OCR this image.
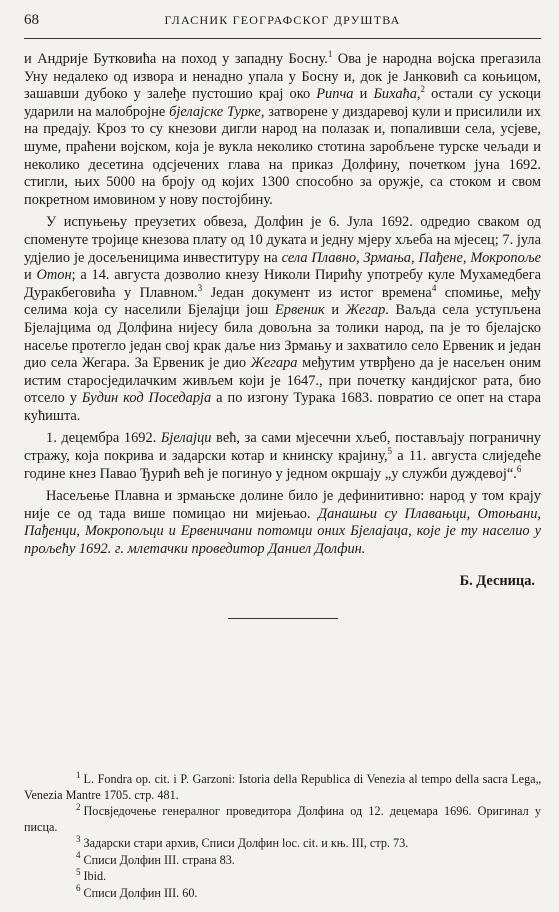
68	ГЛАСНИК ГЕОГРАФСКОГ ДРУШТВА

и Андрије Бутковића на поход у западну Босну.$^1$ Ова је народна војска прегазила Уну недалеко од извора и ненадно упала у Босну и, док је Јанковић са коњицом, зашавши дубоко у залеђе пустошио крај око Рипча и Бихаћа,$^2$ остали су ускоци ударили на малобројне бјелајске Турке, затворене у диздаревој кули и присилили их на предају. Кроз то су кнезови дигли народ на полазак и, попаливши села, усјеве, шуме, праћени војском, која је вукла неколико стотина заробљене турске чељади и неколико десетина одсјечених глава на приказ Долфину, почетком јуна 1692. стигли, њих 5000 на броју од којих 1300 способно за оружје, са стоком и свом покретном имовином у нову постојбину.

У испуњењу преузетих обвеза, Долфин је 6. Јула 1692. одредио сваком од споменуте тројице кнезова плату од 10 дуката и једну мјеру хљеба на мјесец; 7. јула удјелио је досељеницима инвеституру на села Плавно, Зрмања, Пађене, Мокропоље и Отон; а 14. августа дозволио кнезу Николи Пирићу употребу куле Мухамедбега Дуракбеговића у Плавном.$^3$ Један документ из истог времена$^4$ спомиње, међу селима која су населили Бјелајци још Ервеник и Жегар. Ваљда села уступљена Бјелајцима од Долфина нијесу била довољна за толики народ, па је то бјелајско насеље протегло један свој крак даље низ Зрмању и захватило село Ервеник и један дио села Жегара. За Ервеник је дио Жегара међутим утврђено да је насељен оним истим старосједилачким живљем који је 1647., при почетку кандијског рата, био отсело у Будин код Поседарја а по изгону Турака 1683. повратио се опет на стара кућишта.

1. децембра 1692. Бјелајци већ, за сами мјесечни хљеб, постављају пограничну стражу, која покрива и задарски котар и книнску крајину,$^5$ а 11. августа слиједеће године кнез Павао Ђурић већ је погинуо у једном окршају „у служби дуждевој“.$^6$

Насељење Плавна и зрмањске долине било је дефинитивно: народ у том крају није се од тада више помицао ни мијењао. Данашњи су Плавањци, Отоњани, Пађенци, Мокропољци и Ервеничани потомци оних Бјелајаца, које је ту населио у прољећу 1692. г. млетачки проведитор Даниел Долфин.

Б. Десница.
$^1$ L. Fondra op. cit. i P. Garzoni: Istoria della Republica di Venezia al tempo della sacra Lega„ Venezia Mantre 1705. стр. 481.
$^2$ Посвједочење генералног проведитора Долфина од 12. децемара 1696. Оригинал у писца.
$^3$ Задарски стари архив, Списи Долфин loc. cit. и књ. III, стр. 73.
$^4$ Списи Долфин III. страна 83.
$^5$ Ibid.
$^6$ Списи Долфин III. 60.
